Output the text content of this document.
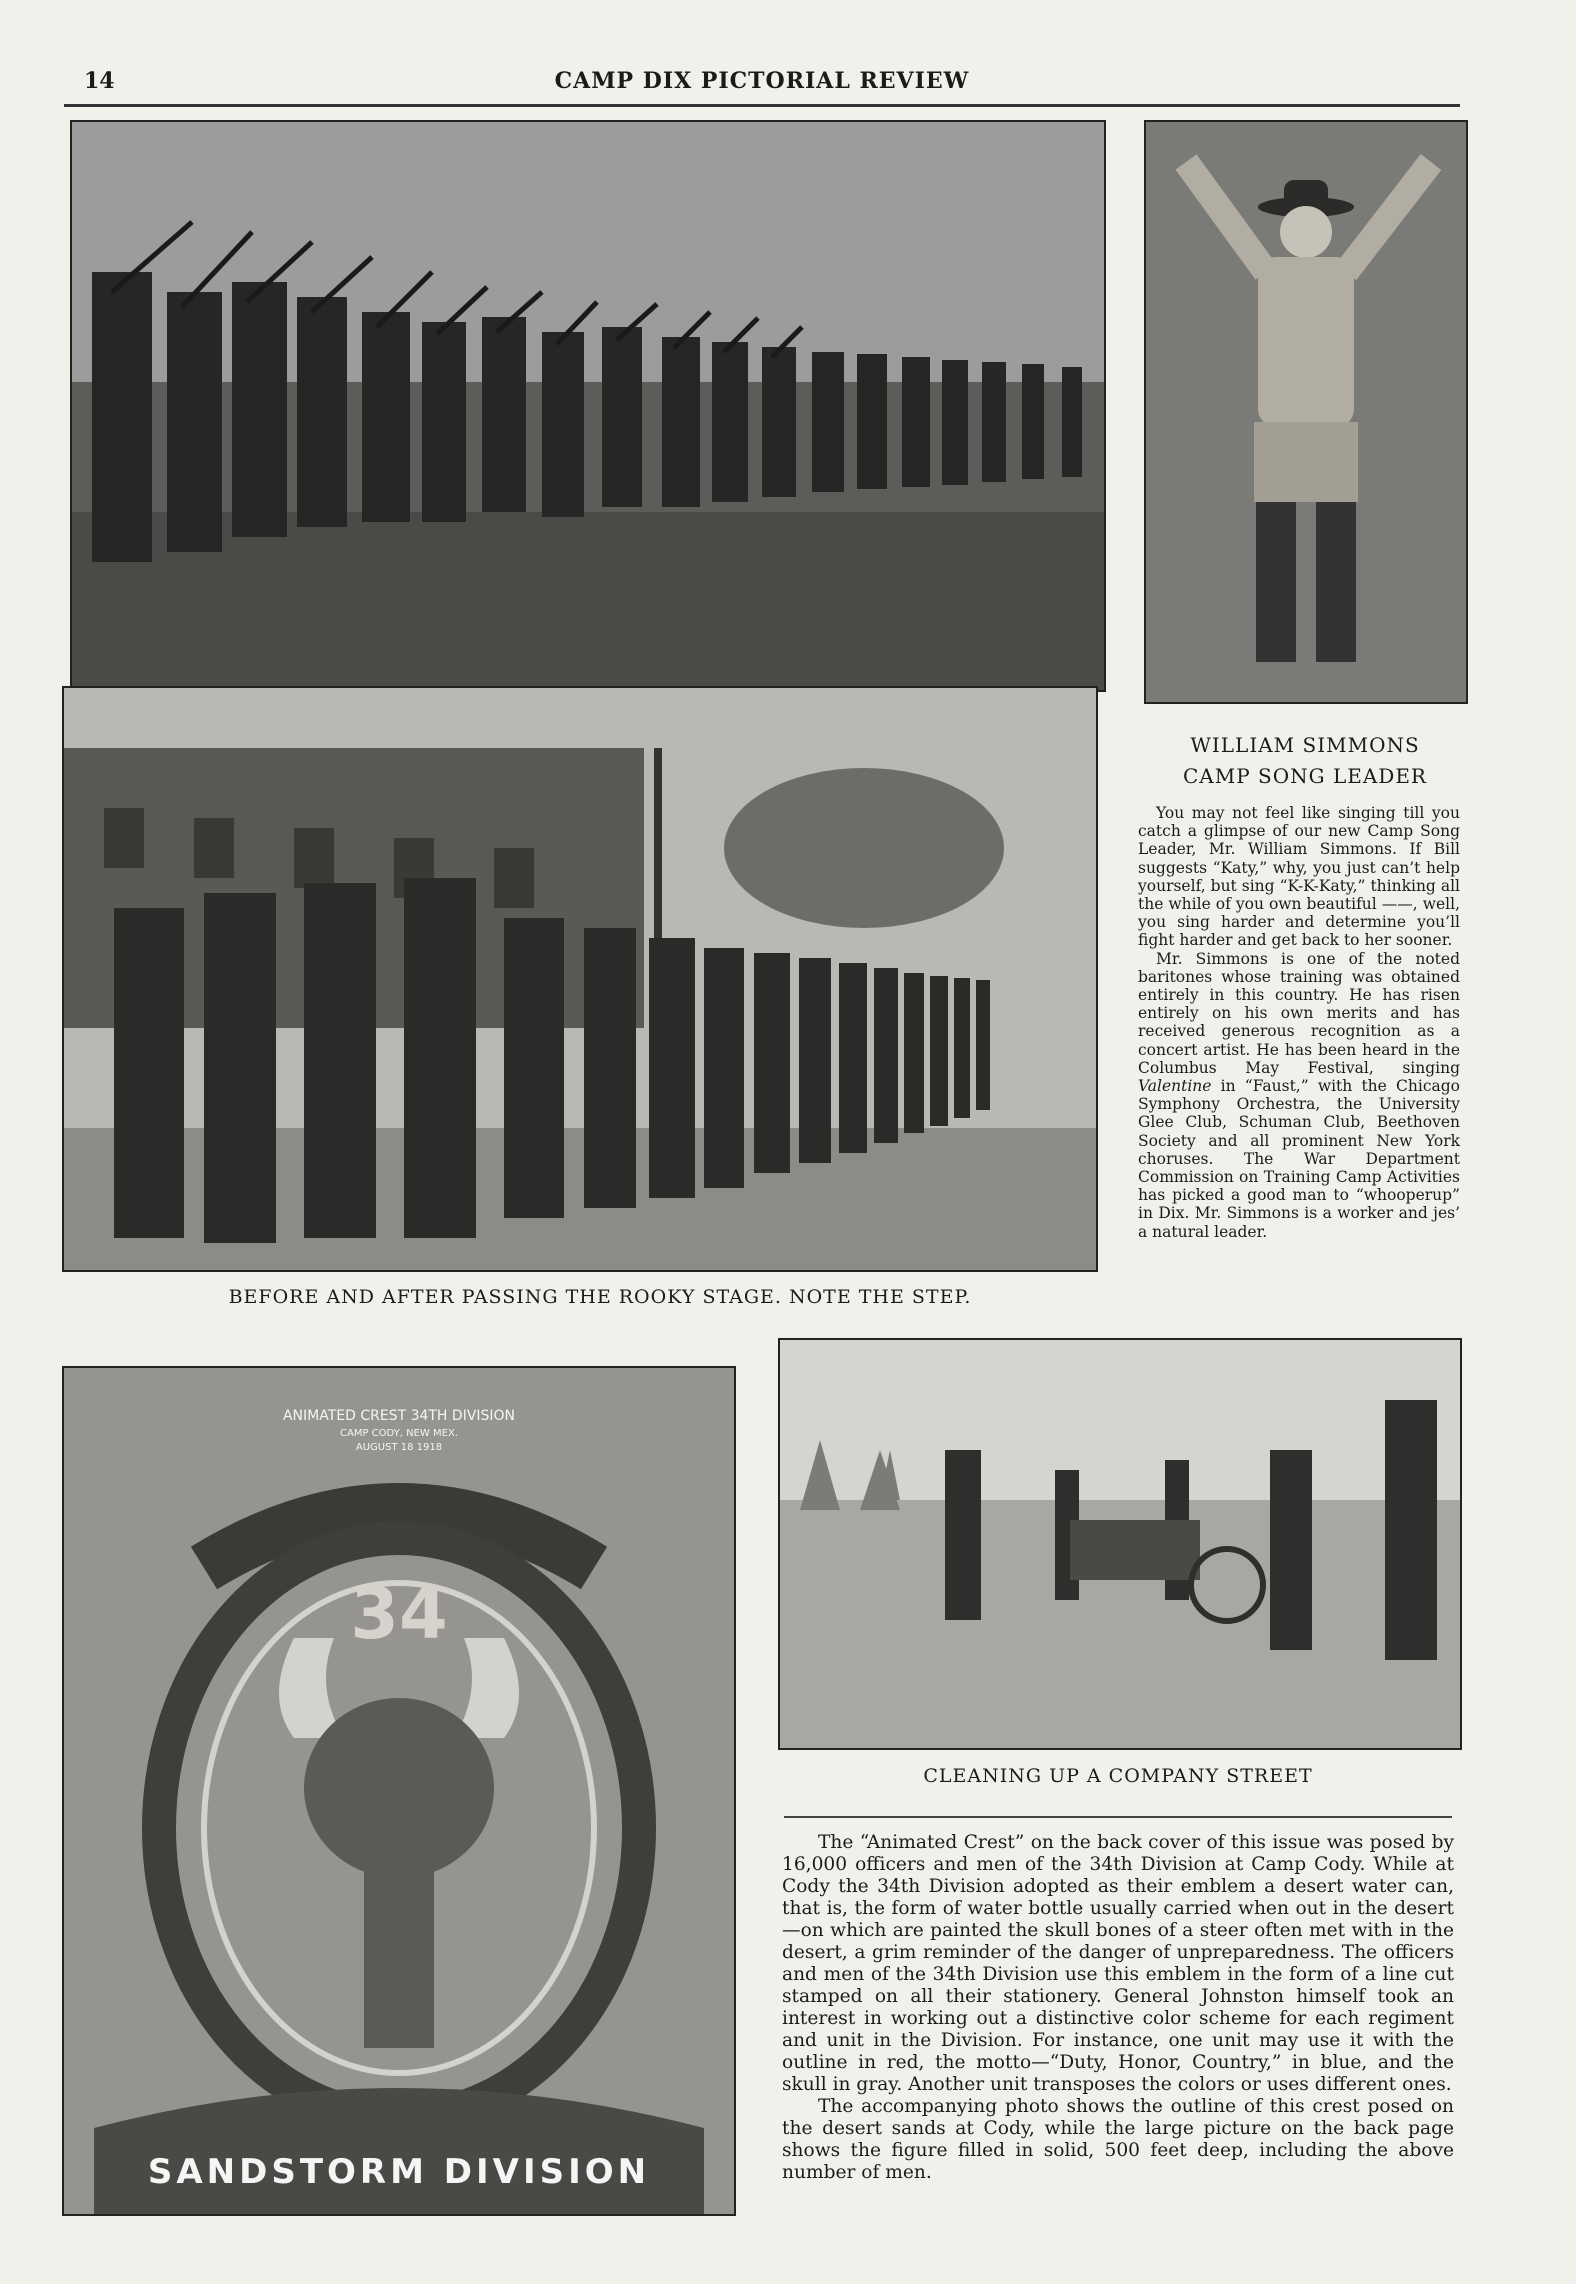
14	CAMP DIX PICTORIAL REVIEW
BEFORE AND AFTER PASSING THE ROOKY STAGE. NOTE THE STEP.
WILLIAM SIMMONS
CAMP SONG LEADER

You may not feel like singing till you catch a glimpse of our new Camp Song Leader, Mr. William Simmons. If Bill suggests “Katy,” why, you just can’t help yourself, but sing “K-K-Katy,” thinking all the while of you own beautiful ——, well, you sing harder and determine you’ll fight harder and get back to her sooner.

Mr. Simmons is one of the noted baritones whose training was obtained entirely in this country. He has risen entirely on his own merits and has received generous recognition as a concert artist. He has been heard in the Columbus May Festival, singing Valentine in “Faust,” with the Chicago Symphony Orchestra, the University Glee Club, Schuman Club, Beethoven Society and all prominent New York choruses. The War Department Commission on Training Camp Activities has picked a good man to “whooperup” in Dix. Mr. Simmons is a worker and jes’ a natural leader.

ANIMATED CREST 34TH DIVISION
CAMP CODY, NEW MEX.
AUGUST 18 1918
34
SANDSTORM DIVISION
CLEANING UP A COMPANY STREET

The “Animated Crest” on the back cover of this issue was posed by 16,000 officers and men of the 34th Division at Camp Cody. While at Cody the 34th Division adopted as their emblem a desert water can, that is, the form of water bottle usually carried when out in the desert—on which are painted the skull bones of a steer often met with in the desert, a grim reminder of the danger of unpreparedness. The officers and men of the 34th Division use this emblem in the form of a line cut stamped on all their stationery. General Johnston himself took an interest in working out a distinctive color scheme for each regiment and unit in the Division. For instance, one unit may use it with the outline in red, the motto—“Duty, Honor, Country,” in blue, and the skull in gray. Another unit transposes the colors or uses different ones.

The accompanying photo shows the outline of this crest posed on the desert sands at Cody, while the large picture on the back page shows the figure filled in solid, 500 feet deep, including the above number of men.
